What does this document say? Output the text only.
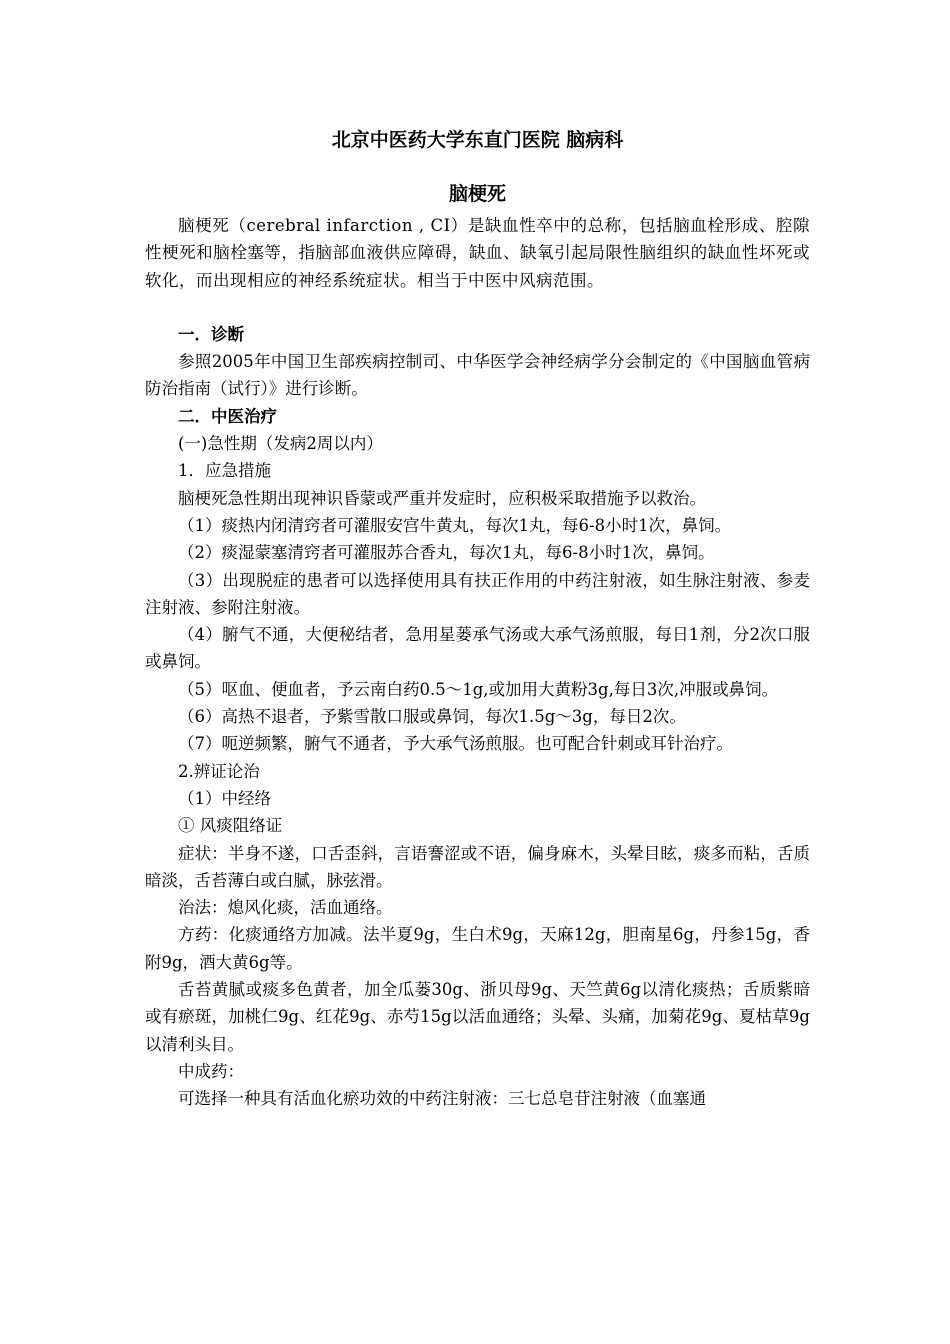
北京中医药大学东直门医院 脑病科
脑梗死

脑梗死（cerebral infarction , CI）是缺血性卒中的总称，包括脑血栓形成、腔隙性梗死和脑栓塞等，指脑部血液供应障碍，缺血、缺氧引起局限性脑组织的缺血性坏死或软化，而出现相应的神经系统症状。相当于中医中风病范围。

一．诊断

参照2005年中国卫生部疾病控制司、中华医学会神经病学分会制定的《中国脑血管病防治指南（试行）》进行诊断。

二．中医治疗

(一)急性期（发病2周以内）

1．应急措施

脑梗死急性期出现神识昏蒙或严重并发症时，应积极采取措施予以救治。

（1）痰热内闭清窍者可灌服安宫牛黄丸，每次1丸，每6-8小时1次，鼻饲。

（2）痰湿蒙塞清窍者可灌服苏合香丸，每次1丸，每6-8小时1次，鼻饲。

（3）出现脱症的患者可以选择使用具有扶正作用的中药注射液，如生脉注射液、参麦注射液、参附注射液。

（4）腑气不通，大便秘结者，急用星蒌承气汤或大承气汤煎服，每日1剂，分2次口服或鼻饲。

（5）呕血、便血者，予云南白药0.5～1g,或加用大黄粉3g,每日3次,冲服或鼻饲。

（6）高热不退者，予紫雪散口服或鼻饲，每次1.5g～3g，每日2次。

（7）呃逆频繁，腑气不通者，予大承气汤煎服。也可配合针刺或耳针治疗。

2.辨证论治

（1）中经络

① 风痰阻络证

症状：半身不遂，口舌歪斜，言语謇涩或不语，偏身麻木，头晕目眩，痰多而粘，舌质暗淡，舌苔薄白或白腻，脉弦滑。

治法：熄风化痰，活血通络。

方药：化痰通络方加减。法半夏9g，生白术9g，天麻12g，胆南星6g，丹参15g，香附9g，酒大黄6g等。

舌苔黄腻或痰多色黄者，加全瓜蒌30g、浙贝母9g、天竺黄6g以清化痰热；舌质紫暗或有瘀斑，加桃仁9g、红花9g、赤芍15g以活血通络；头晕、头痛，加菊花9g、夏枯草9g以清利头目。

中成药：

可选择一种具有活血化瘀功效的中药注射液：三七总皂苷注射液（血塞通
